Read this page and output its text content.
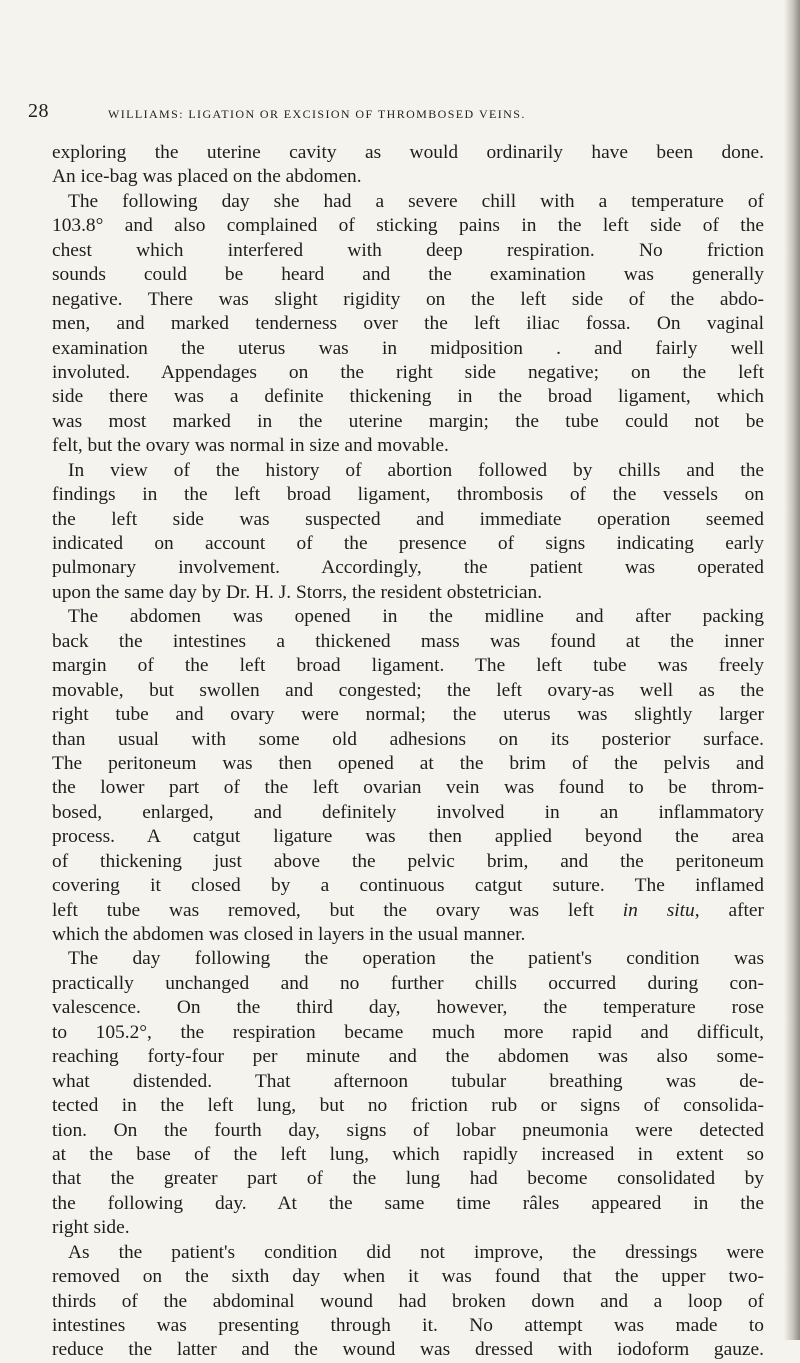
28	williams: ligation or excision of thrombosed veins.
exploring the uterine cavity as would ordinarily have been done.
An ice-bag was placed on the abdomen.
The following day she had a severe chill with a temperature of
103.8° and also complained of sticking pains in the left side of the
chest which interfered with deep respiration. No friction
sounds could be heard and the examination was generally
negative. There was slight rigidity on the left side of the abdo-
men, and marked tenderness over the left iliac fossa. On vaginal
examination the uterus was in midposition . and fairly well
involuted. Appendages on the right side negative; on the left
side there was a definite thickening in the broad ligament, which
was most marked in the uterine margin; the tube could not be
felt, but the ovary was normal in size and movable.
In view of the history of abortion followed by chills and the
findings in the left broad ligament, thrombosis of the vessels on
the left side was suspected and immediate operation seemed
indicated on account of the presence of signs indicating early
pulmonary involvement. Accordingly, the patient was operated
upon the same day by Dr. H. J. Storrs, the resident obstetrician.
The abdomen was opened in the midline and after packing
back the intestines a thickened mass was found at the inner
margin of the left broad ligament. The left tube was freely
movable, but swollen and congested; the left ovary-as well as the
right tube and ovary were normal; the uterus was slightly larger
than usual with some old adhesions on its posterior surface.
The peritoneum was then opened at the brim of the pelvis and
the lower part of the left ovarian vein was found to be throm-
bosed, enlarged, and definitely involved in an inflammatory
process. A catgut ligature was then applied beyond the area
of thickening just above the pelvic brim, and the peritoneum
covering it closed by a continuous catgut suture. The inflamed
left tube was removed, but the ovary was left in situ, after
which the abdomen was closed in layers in the usual manner.
The day following the operation the patient's condition was
practically unchanged and no further chills occurred during con-
valescence. On the third day, however, the temperature rose
to 105.2°, the respiration became much more rapid and difficult,
reaching forty-four per minute and the abdomen was also some-
what distended. That afternoon tubular breathing was de-
tected in the left lung, but no friction rub or signs of consolida-
tion. On the fourth day, signs of lobar pneumonia were detected
at the base of the left lung, which rapidly increased in extent so
that the greater part of the lung had become consolidated by
the following day. At the same time râles appeared in the
right side.
As the patient's condition did not improve, the dressings were
removed on the sixth day when it was found that the upper two-
thirds of the abdominal wound had broken down and a loop of
intestines was presenting through it. No attempt was made to
reduce the latter and the wound was dressed with iodoform gauze.
